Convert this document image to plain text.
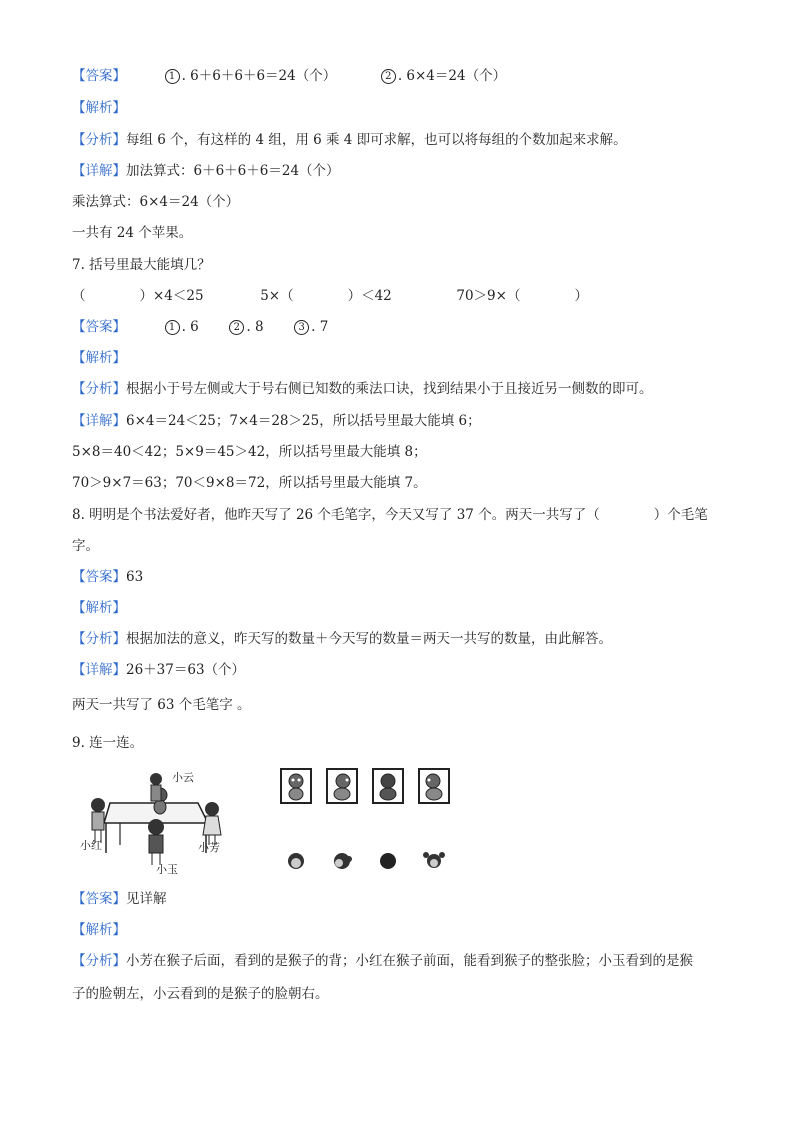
【答案】	1 . 6＋6＋6＋6＝24（个）	2 . 6×4＝24（个）
【解析】
【分析】每组 6 个，有这样的 4 组，用 6 乘 4 即可求解，也可以将每组的个数加起来求解。
【详解】加法算式：6＋6＋6＋6＝24（个）
乘法算式：6×4＝24（个）
一共有 24 个苹果。
7. 括号里最大能填几？
（　　　　）×4＜25	5×（　　　　）＜42	70＞9×（　　　　）
【答案】	1 . 6	2 . 8	3 . 7
【解析】
【分析】根据小于号左侧或大于号右侧已知数的乘法口诀，找到结果小于且接近另一侧数的即可。
【详解】6×4＝24＜25；7×4＝28＞25，所以括号里最大能填 6；
5×8＝40＜42；5×9＝45＞42，所以括号里最大能填 8；
70＞9×7＝63；70＜9×8＝72，所以括号里最大能填 7。
8. 明明是个书法爱好者，他昨天写了 26 个毛笔字，今天又写了 37 个。两天一共写了（　　　　）个毛笔
字。
【答案】63
【解析】
【分析】根据加法的意义，昨天写的数量＋今天写的数量＝两天一共写的数量，由此解答。
【详解】26＋37＝63（个）
两天一共写了 63 个毛笔字 。
9. 连一连。
小云
小红	小芳
小玉
【答案】见详解
【解析】
【分析】小芳在猴子后面，看到的是猴子的背；小红在猴子前面，能看到猴子的整张脸；小玉看到的是猴
子的脸朝左，小云看到的是猴子的脸朝右。
